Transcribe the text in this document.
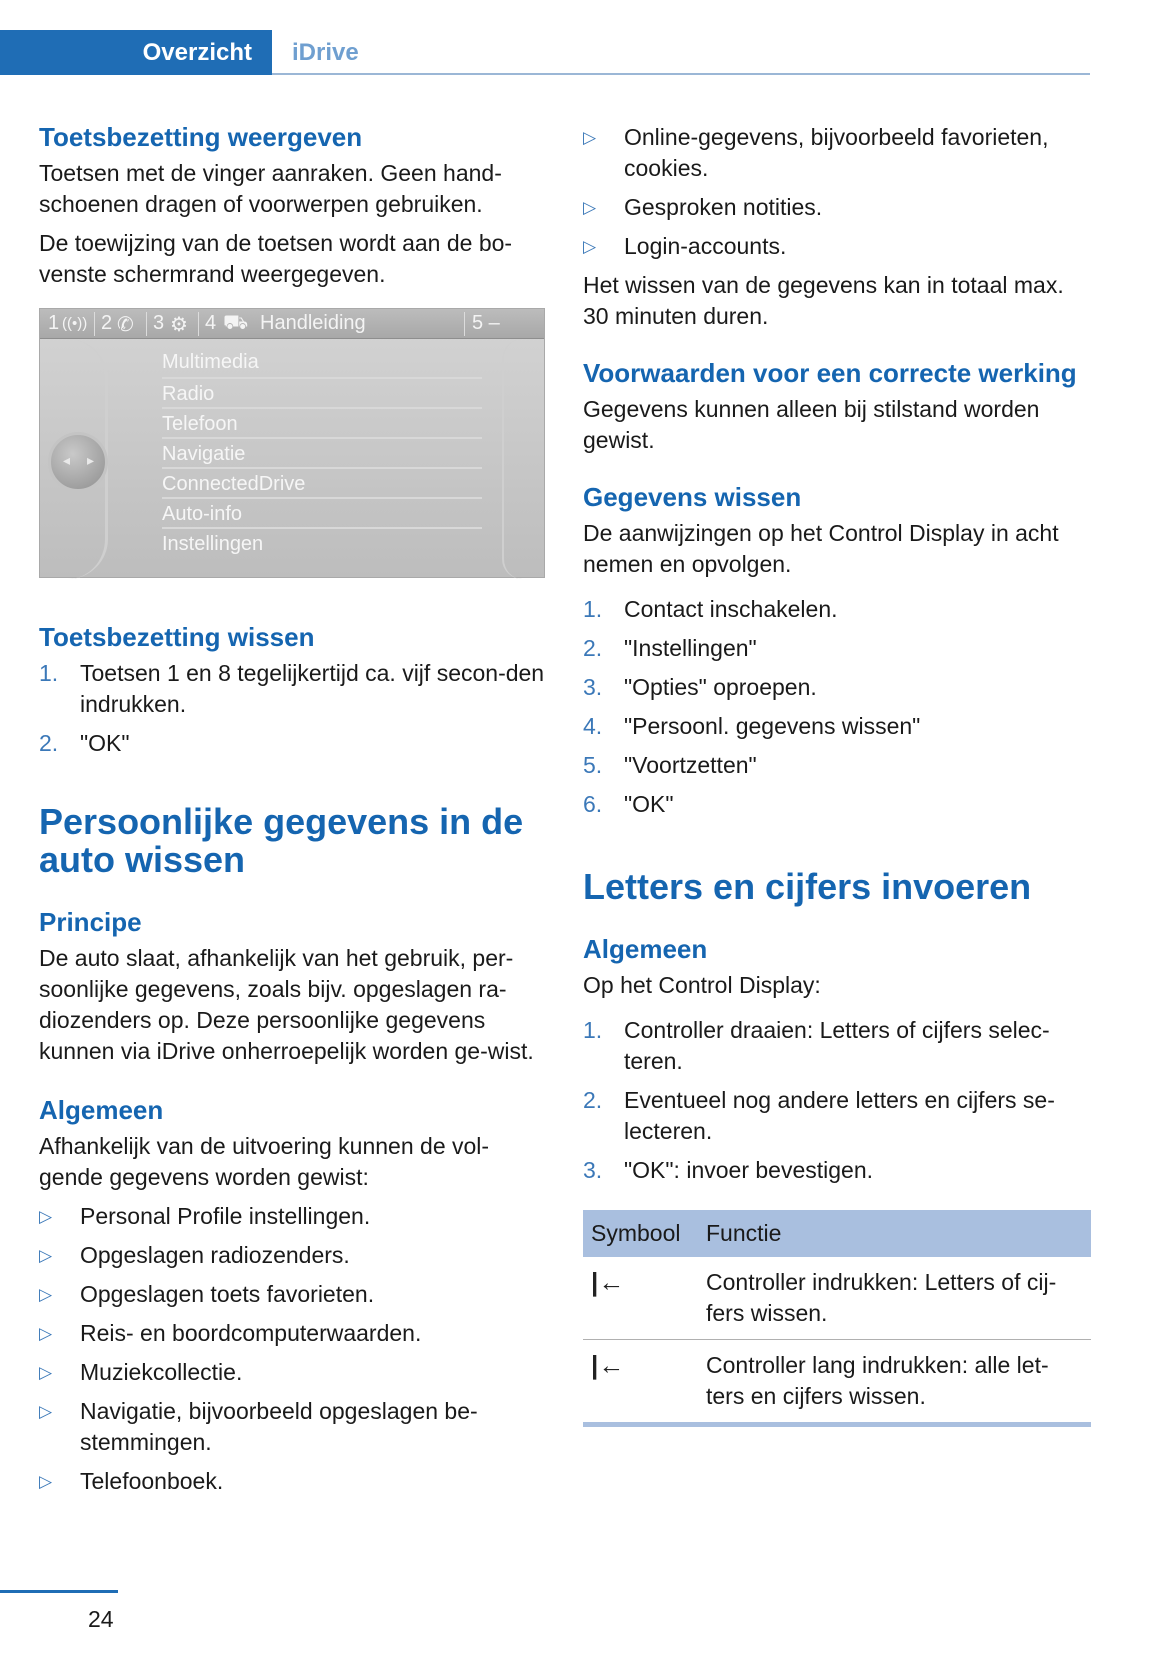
Overzicht iDrive
Toetsbezetting weergeven

Toetsen met de vinger aanraken. Geen hand-schoenen dragen of voorwerpen gebruiken.

De toewijzing van de toetsen wordt aan de bo-venste schermrand weergegeven.

1 ((•)) 2 ✆ 3 ⚙ 4 ⛟ Handleiding	5 –
Multimedia
Radio
Telefoon
Navigatie
ConnectedDrive
Auto-info
Instellingen
◂ ▸
Toetsbezetting wissen
1. Toetsen 1 en 8 tegelijkertijd ca. vijf secon-den indrukken.
2. "OK"
Persoonlijke gegevens in de auto wissen
Principe

De auto slaat, afhankelijk van het gebruik, per-soonlijke gegevens, zoals bijv. opgeslagen ra-diozenders op. Deze persoonlijke gegevens kunnen via iDrive onherroepelijk worden ge-wist.

Algemeen

Afhankelijk van de uitvoering kunnen de vol-gende gegevens worden gewist:

▷ Personal Profile instellingen.
▷ Opgeslagen radiozenders.
▷ Opgeslagen toets favorieten.
▷ Reis- en boordcomputerwaarden.
▷ Muziekcollectie.
▷ Navigatie, bijvoorbeeld opgeslagen be-stemmingen.
▷ Telefoonboek.
▷ Online-gegevens, bijvoorbeeld favorieten, cookies.
▷ Gesproken notities.
▷ Login-accounts.

Het wissen van de gegevens kan in totaal max. 30 minuten duren.

Voorwaarden voor een correcte werking

Gegevens kunnen alleen bij stilstand worden gewist.

Gegevens wissen

De aanwijzingen op het Control Display in acht nemen en opvolgen.

1. Contact inschakelen.
2. "Instellingen"
3. "Opties" oproepen.
4. "Persoonl. gegevens wissen"
5. "Voortzetten"
6. "OK"
Letters en cijfers invoeren
Algemeen

Op het Control Display:

1. Controller draaien: Letters of cijfers selec-teren.
2. Eventueel nog andere letters en cijfers se-lecteren.
3. "OK": invoer bevestigen.
Symbool	Functie
|←	Controller indrukken: Letters of cij-fers wissen.
|←	Controller lang indrukken: alle let-ters en cijfers wissen.
24
